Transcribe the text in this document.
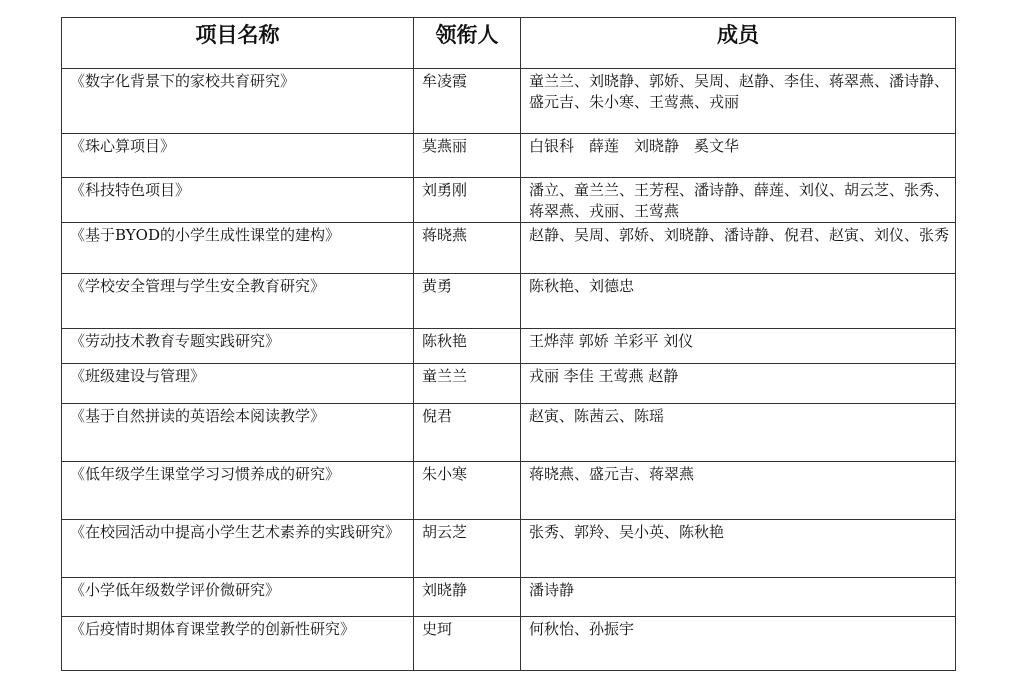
项目名称	领衔人	成员
《数字化背景下的家校共育研究》	牟凌霞	童兰兰、刘晓静、郭娇、吴周、赵静、李佳、蒋翠燕、潘诗静、盛元吉、朱小寒、王莺燕、戎丽
《珠心算项目》	莫燕丽	白银科　薛莲　刘晓静　奚文华
《科技特色项目》	刘勇刚	潘立、童兰兰、王芳程、潘诗静、薛莲、刘仪、胡云芝、张秀、蒋翠燕、戎丽、王莺燕
《基于BYOD的小学生成性课堂的建构》	蒋晓燕	赵静、吴周、郭娇、刘晓静、潘诗静、倪君、赵寅、刘仪、张秀
《学校安全管理与学生安全教育研究》	黄勇	陈秋艳、刘德忠
《劳动技术教育专题实践研究》	陈秋艳	王烨萍 郭娇 羊彩平 刘仪
《班级建设与管理》	童兰兰	戎丽 李佳 王莺燕 赵静
《基于自然拼读的英语绘本阅读教学》	倪君	赵寅、陈茜云、陈瑶
《低年级学生课堂学习习惯养成的研究》	朱小寒	蒋晓燕、盛元吉、蒋翠燕
《在校园活动中提高小学生艺术素养的实践研究》	胡云芝	张秀、郭羚、吴小英、陈秋艳
《小学低年级数学评价微研究》	刘晓静	潘诗静
《后疫情时期体育课堂教学的创新性研究》	史珂	何秋怡、孙振宇
